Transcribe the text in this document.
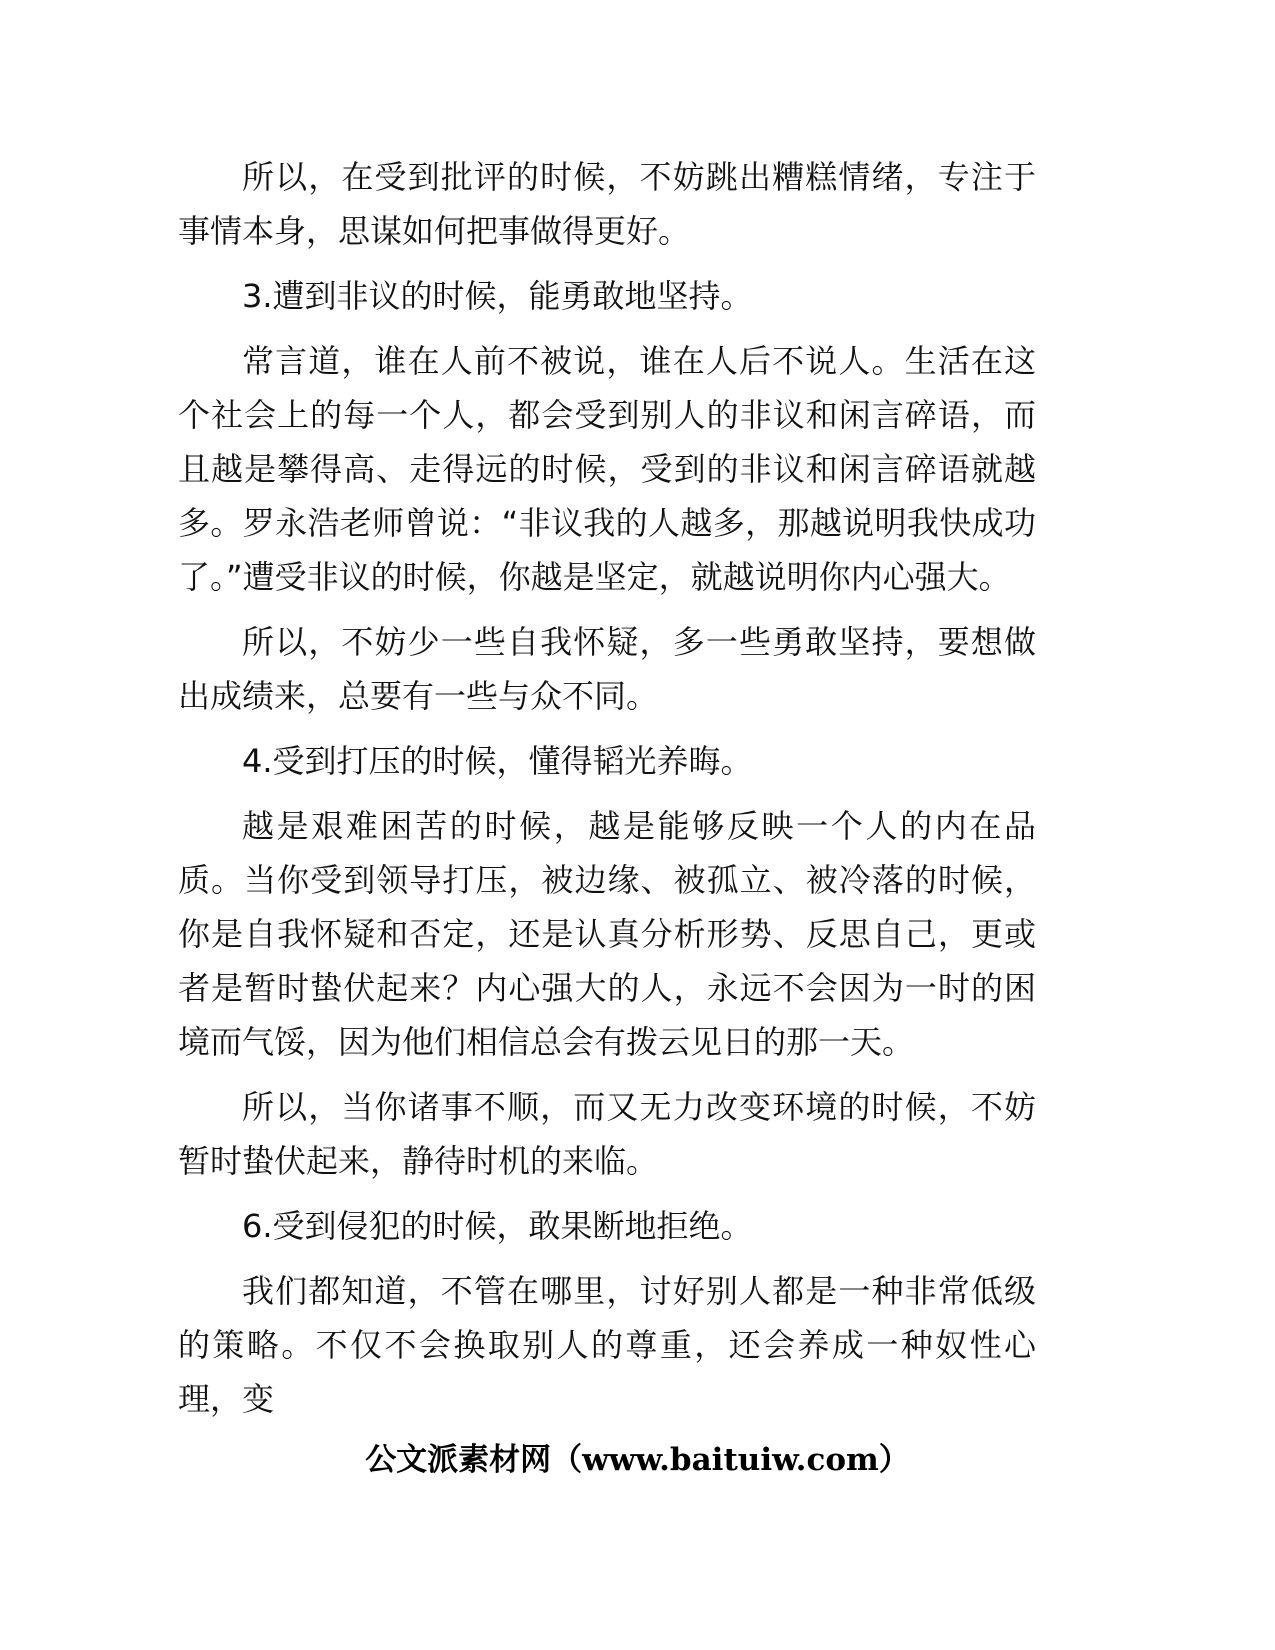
所以，在受到批评的时候，不妨跳出糟糕情绪，专注于事情本身，思谋如何把事做得更好。

3.遭到非议的时候，能勇敢地坚持。

常言道，谁在人前不被说，谁在人后不说人。生活在这个社会上的每一个人，都会受到别人的非议和闲言碎语，而且越是攀得高、走得远的时候，受到的非议和闲言碎语就越多。罗永浩老师曾说：“非议我的人越多，那越说明我快成功了。”遭受非议的时候，你越是坚定，就越说明你内心强大。

所以，不妨少一些自我怀疑，多一些勇敢坚持，要想做出成绩来，总要有一些与众不同。

4.受到打压的时候，懂得韬光养晦。

越是艰难困苦的时候，越是能够反映一个人的内在品质。当你受到领导打压，被边缘、被孤立、被冷落的时候，你是自我怀疑和否定，还是认真分析形势、反思自己，更或者是暂时蛰伏起来？内心强大的人，永远不会因为一时的困境而气馁，因为他们相信总会有拨云见日的那一天。

所以，当你诸事不顺，而又无力改变环境的时候，不妨暂时蛰伏起来，静待时机的来临。

6.受到侵犯的时候，敢果断地拒绝。

我们都知道，不管在哪里，讨好别人都是一种非常低级的策略。不仅不会换取别人的尊重，还会养成一种奴性心理，变

公文派素材网（www.baituiw.com）
